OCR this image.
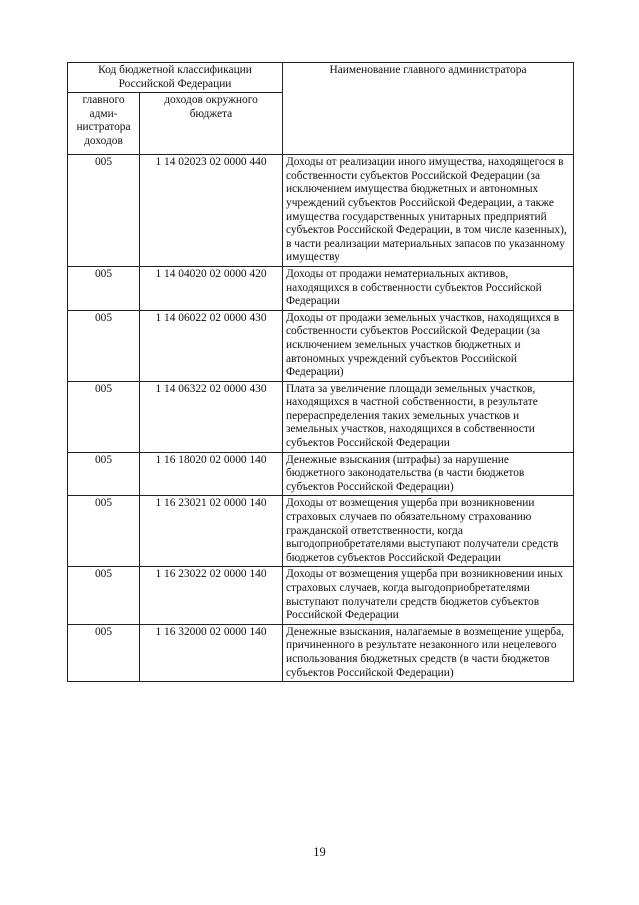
Код бюджетной классификации Российской Федерации		Наименование главного администратора
главного адми-нистратора доходов	доходов окружного бюджета	
005	1 14 02023 02 0000 440	Доходы от реализации иного имущества, находящегося в собственности субъектов Российской Федерации (за исключением имущества бюджетных и автономных учреждений субъектов Российской Федерации, а также имущества государственных унитарных предприятий субъектов Российской Федерации, в том числе казенных), в части реализации материальных запасов по указанному имуществу
005	1 14 04020 02 0000 420	Доходы от продажи нематериальных активов, находящихся в собственности субъектов Российской Федерации
005	1 14 06022 02 0000 430	Доходы от продажи земельных участков, находящихся в собственности субъектов Российской Федерации (за исключением земельных участков бюджетных и автономных учреждений субъектов Российской Федерации)
005	1 14 06322 02 0000 430	Плата за увеличение площади земельных участков, находящихся в частной собственности, в результате перераспределения таких земельных участков и земельных участков, находящихся в собственности субъектов Российской Федерации
005	1 16 18020 02 0000 140	Денежные взыскания (штрафы) за нарушение бюджетного законодательства (в части бюджетов субъектов Российской Федерации)
005	1 16 23021 02 0000 140	Доходы от возмещения ущерба при возникновении страховых случаев по обязательному страхованию гражданской ответственности, когда выгодоприобретателями выступают получатели средств бюджетов субъектов Российской Федерации
005	1 16 23022 02 0000 140	Доходы от возмещения ущерба при возникновении иных страховых случаев, когда выгодоприобретателями выступают получатели средств бюджетов субъектов Российской Федерации
005	1 16 32000 02 0000 140	Денежные взыскания, налагаемые в возмещение ущерба, причиненного в результате незаконного или нецелевого использования бюджетных средств (в части бюджетов субъектов Российской Федерации)
19
